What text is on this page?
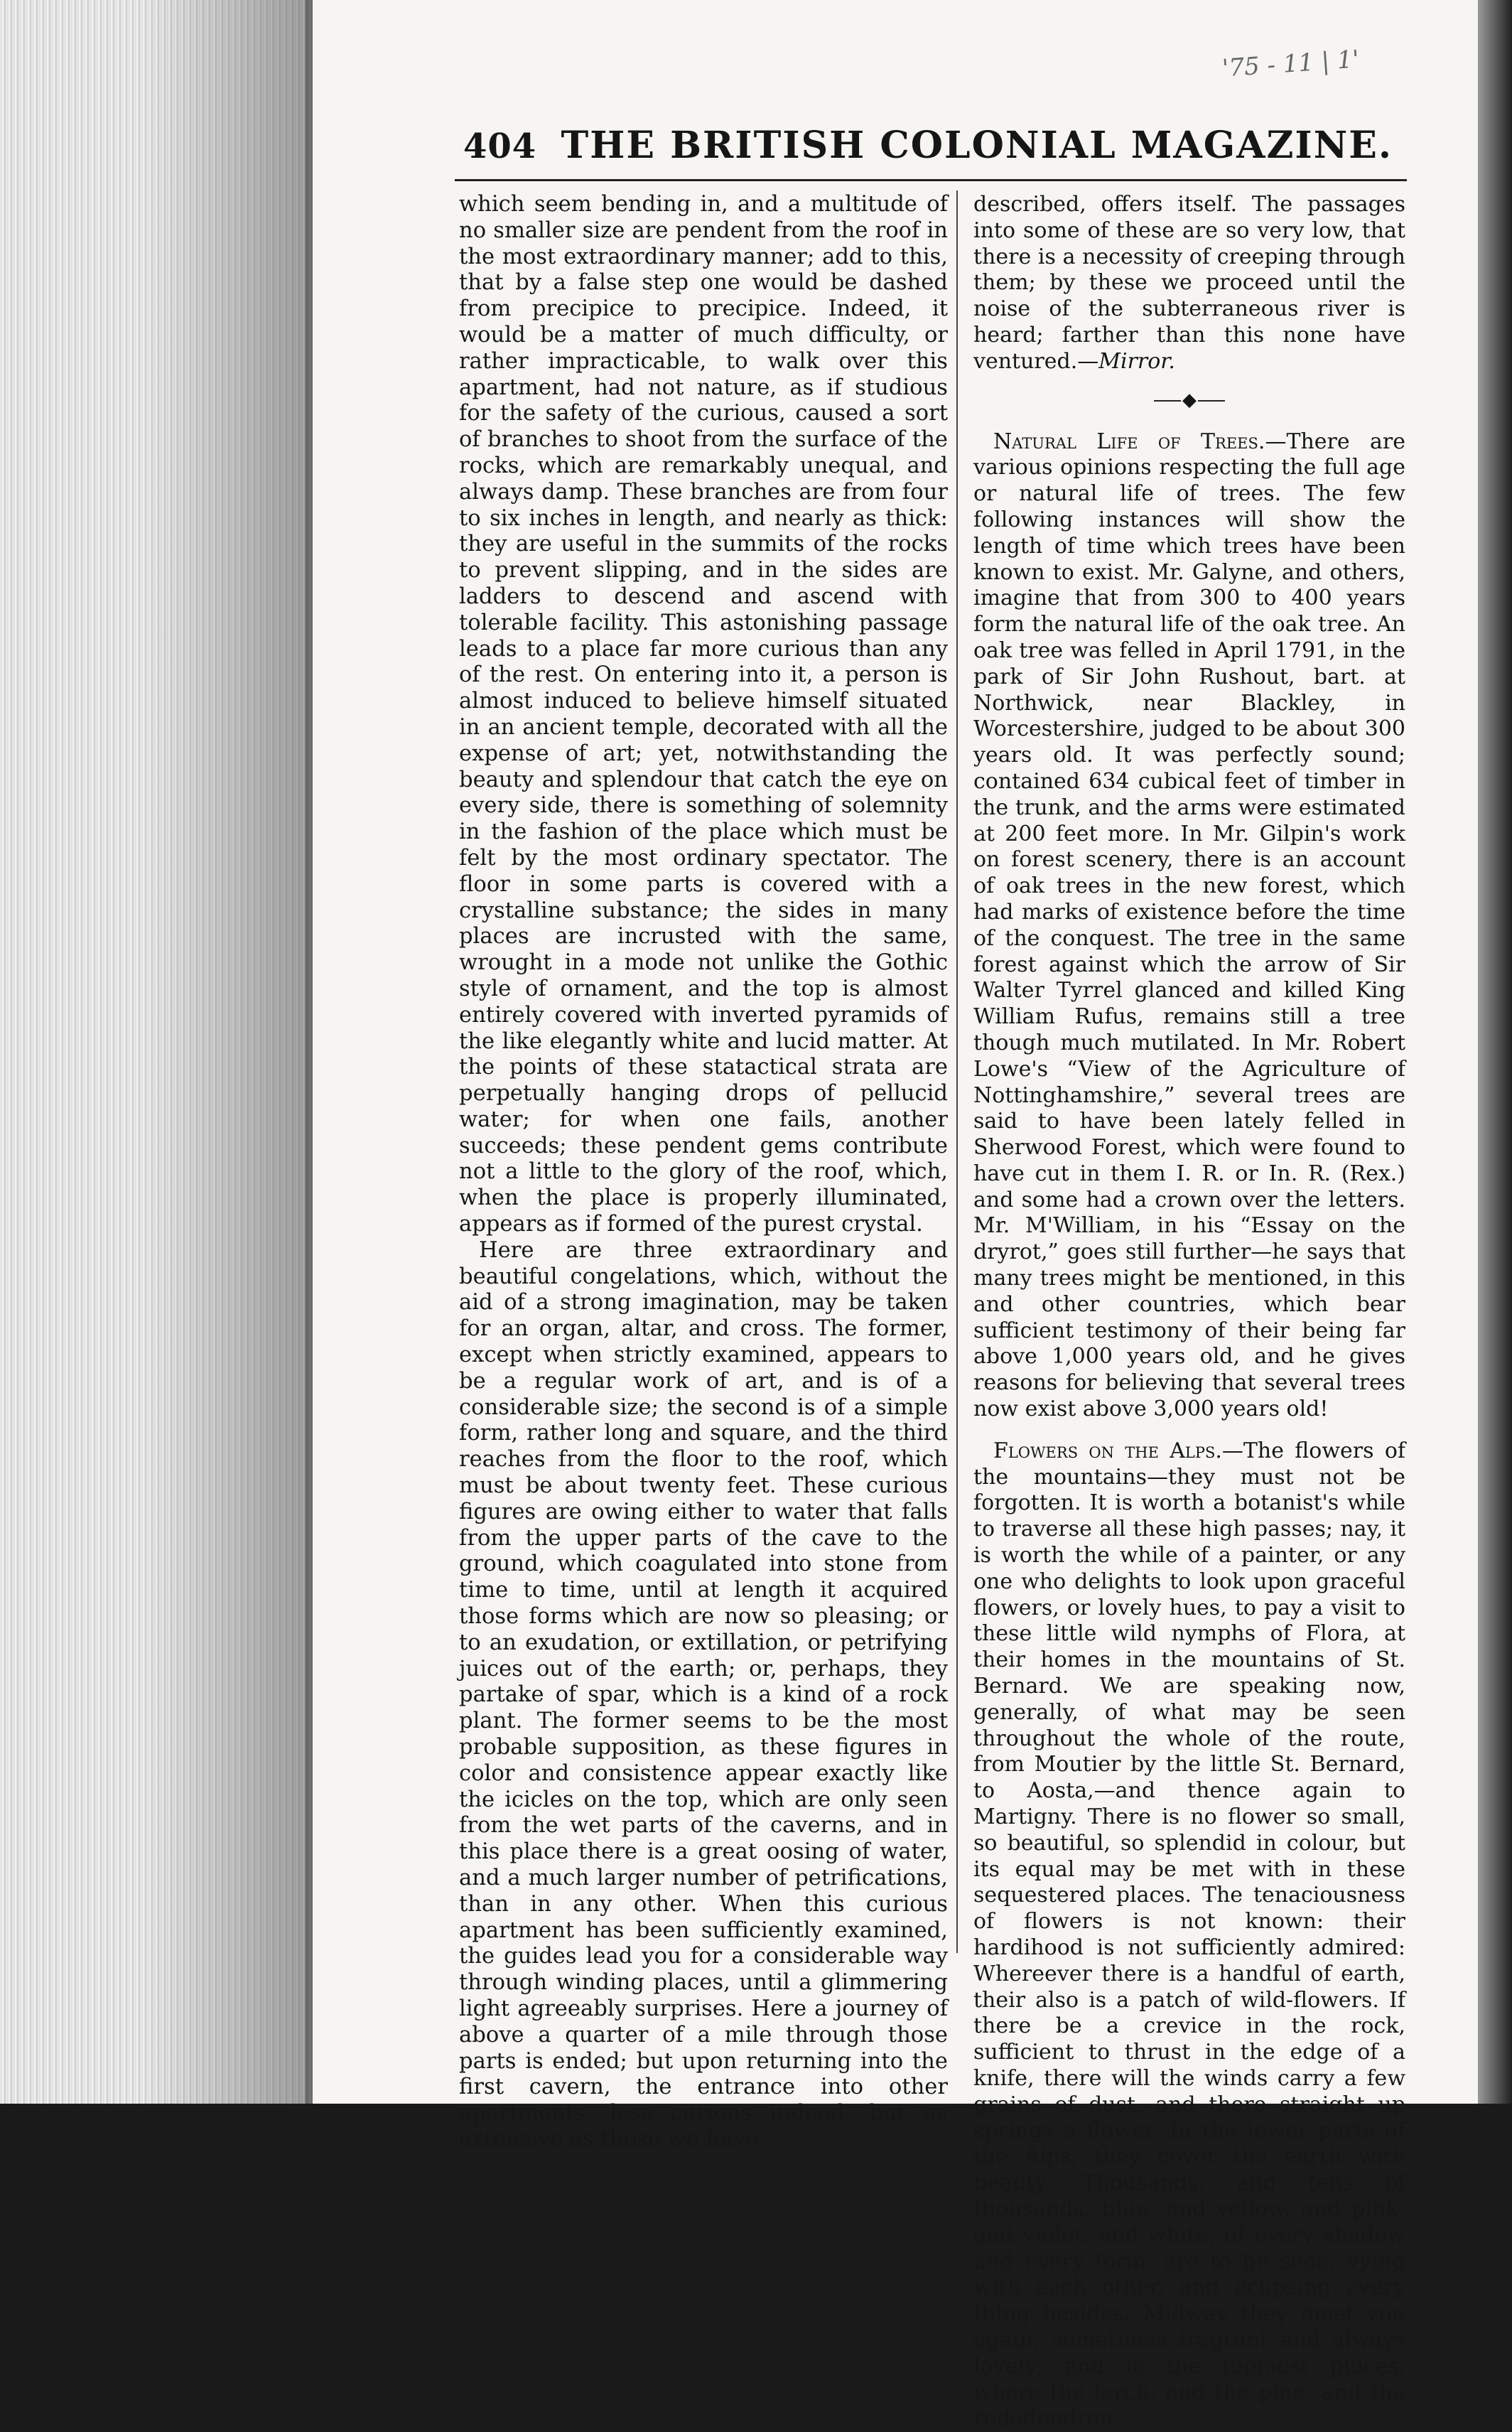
'75 - 11 | 1'
404 THE BRITISH COLONIAL MAGAZINE.

which seem bending in, and a multitude of no smaller size are pendent from the roof in the most extraordinary manner; add to this, that by a false step one would be dashed from precipice to precipice. Indeed, it would be a matter of much difficulty, or rather impracticable, to walk over this apartment, had not nature, as if studious for the safety of the curious, caused a sort of branches to shoot from the surface of the rocks, which are remarkably unequal, and always damp. These branches are from four to six inches in length, and nearly as thick: they are useful in the summits of the rocks to prevent slipping, and in the sides are ladders to descend and ascend with tolerable facility. This astonishing passage leads to a place far more curious than any of the rest. On entering into it, a person is almost induced to believe himself situated in an ancient temple, decorated with all the expense of art; yet, notwithstanding the beauty and splendour that catch the eye on every side, there is something of solemnity in the fashion of the place which must be felt by the most ordinary spectator. The floor in some parts is covered with a crystalline substance; the sides in many places are incrusted with the same, wrought in a mode not unlike the Gothic style of ornament, and the top is almost entirely covered with inverted pyramids of the like elegantly white and lucid matter. At the points of these statactical strata are perpetually hanging drops of pellucid water; for when one fails, another succeeds; these pendent gems contribute not a little to the glory of the roof, which, when the place is properly illuminated, appears as if formed of the purest crystal.

Here are three extraordinary and beautiful congelations, which, without the aid of a strong imagination, may be taken for an organ, altar, and cross. The former, except when strictly examined, appears to be a regular work of art, and is of a considerable size; the second is of a simple form, rather long and square, and the third reaches from the floor to the roof, which must be about twenty feet. These curious figures are owing either to water that falls from the upper parts of the cave to the ground, which coagulated into stone from time to time, until at length it acquired those forms which are now so pleasing; or to an exudation, or extillation, or petrifying juices out of the earth; or, perhaps, they partake of spar, which is a kind of a rock plant. The former seems to be the most probable supposition, as these figures in color and consistence appear exactly like the icicles on the top, which are only seen from the wet parts of the caverns, and in this place there is a great oosing of water, and a much larger number of petrifications, than in any other. When this curious apartment has been sufficiently examined, the guides lead you for a considerable way through winding places, until a glimmering light agreeably surprises. Here a journey of above a quarter of a mile through those parts is ended; but upon returning into the first cavern, the entrance into other apartments, less curious indeed, but as extensive as those we have

described, offers itself. The passages into some of these are so very low, that there is a necessity of creeping through them; by these we proceed until the noise of the subterraneous river is heard; farther than this none have ventured.—Mirror.

◆

Natural Life of Trees.—There are various opinions respecting the full age or natural life of trees. The few following instances will show the length of time which trees have been known to exist. Mr. Galyne, and others, imagine that from 300 to 400 years form the natural life of the oak tree. An oak tree was felled in April 1791, in the park of Sir John Rushout, bart. at Northwick, near Blackley, in Worcestershire, judged to be about 300 years old. It was perfectly sound; contained 634 cubical feet of timber in the trunk, and the arms were estimated at 200 feet more. In Mr. Gilpin's work on forest scenery, there is an account of oak trees in the new forest, which had marks of existence before the time of the conquest. The tree in the same forest against which the arrow of Sir Walter Tyrrel glanced and killed King William Rufus, remains still a tree though much mutilated. In Mr. Robert Lowe's “View of the Agriculture of Nottinghamshire,” several trees are said to have been lately felled in Sherwood Forest, which were found to have cut in them I. R. or In. R. (Rex.) and some had a crown over the letters. Mr. M'William, in his “Essay on the dryrot,” goes still further—he says that many trees might be mentioned, in this and other countries, which bear sufficient testimony of their being far above 1,000 years old, and he gives reasons for believing that several trees now exist above 3,000 years old!

Flowers on the Alps.—The flowers of the mountains—they must not be forgotten. It is worth a botanist's while to traverse all these high passes; nay, it is worth the while of a painter, or any one who delights to look upon graceful flowers, or lovely hues, to pay a visit to these little wild nymphs of Flora, at their homes in the mountains of St. Bernard. We are speaking now, generally, of what may be seen throughout the whole of the route, from Moutier by the little St. Bernard, to Aosta,—and thence again to Martigny. There is no flower so small, so beautiful, so splendid in colour, but its equal may be met with in these sequestered places. The tenaciousness of flowers is not known: their hardihood is not sufficiently admired: Whereever there is a handful of earth, their also is a patch of wild-flowers. If there be a crevice in the rock, sufficient to thrust in the edge of a knife, there will the winds carry a few grains of dust, and there straight up springs a flower. In the lower parts of the Alps, they cover the earth with beauty. Thousands, and tens of thousands, blue, and yellow, and pink, and violet, and white, of every shadow and every form, are to be seen, vying with each other, and eclipsing every thing besides. Midway they meet you again, sometimes fragrant and always lovely; and in the topmost ploces, where the larch, and the pine, and the rododendron
